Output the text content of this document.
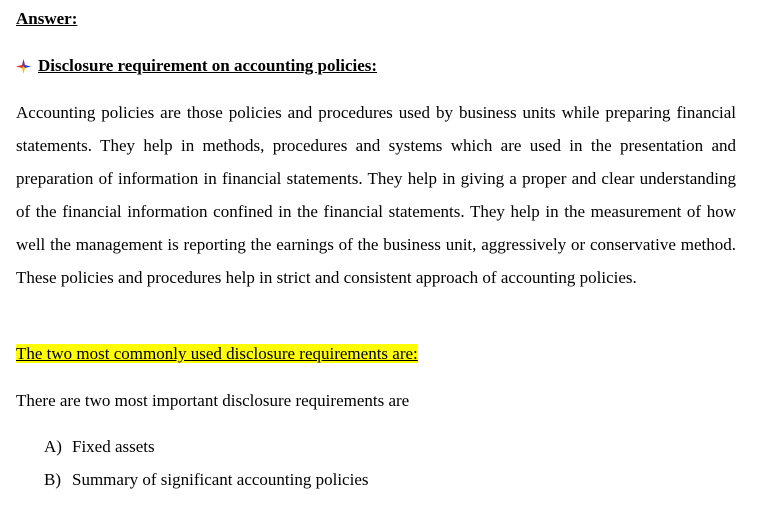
Answer:

Disclosure requirement on accounting policies:

Accounting policies are those policies and procedures used by business units while preparing financial statements. They help in methods, procedures and systems which are used in the presentation and preparation of information in financial statements. They help in giving a proper and clear understanding of the financial information confined in the financial statements. They help in the measurement of how well the management is reporting the earnings of the business unit, aggressively or conservative method. These policies and procedures help in strict and consistent approach of accounting policies.

The two most commonly used disclosure requirements are:

There are two most important disclosure requirements are

A) Fixed assets
B) Summary of significant accounting policies
